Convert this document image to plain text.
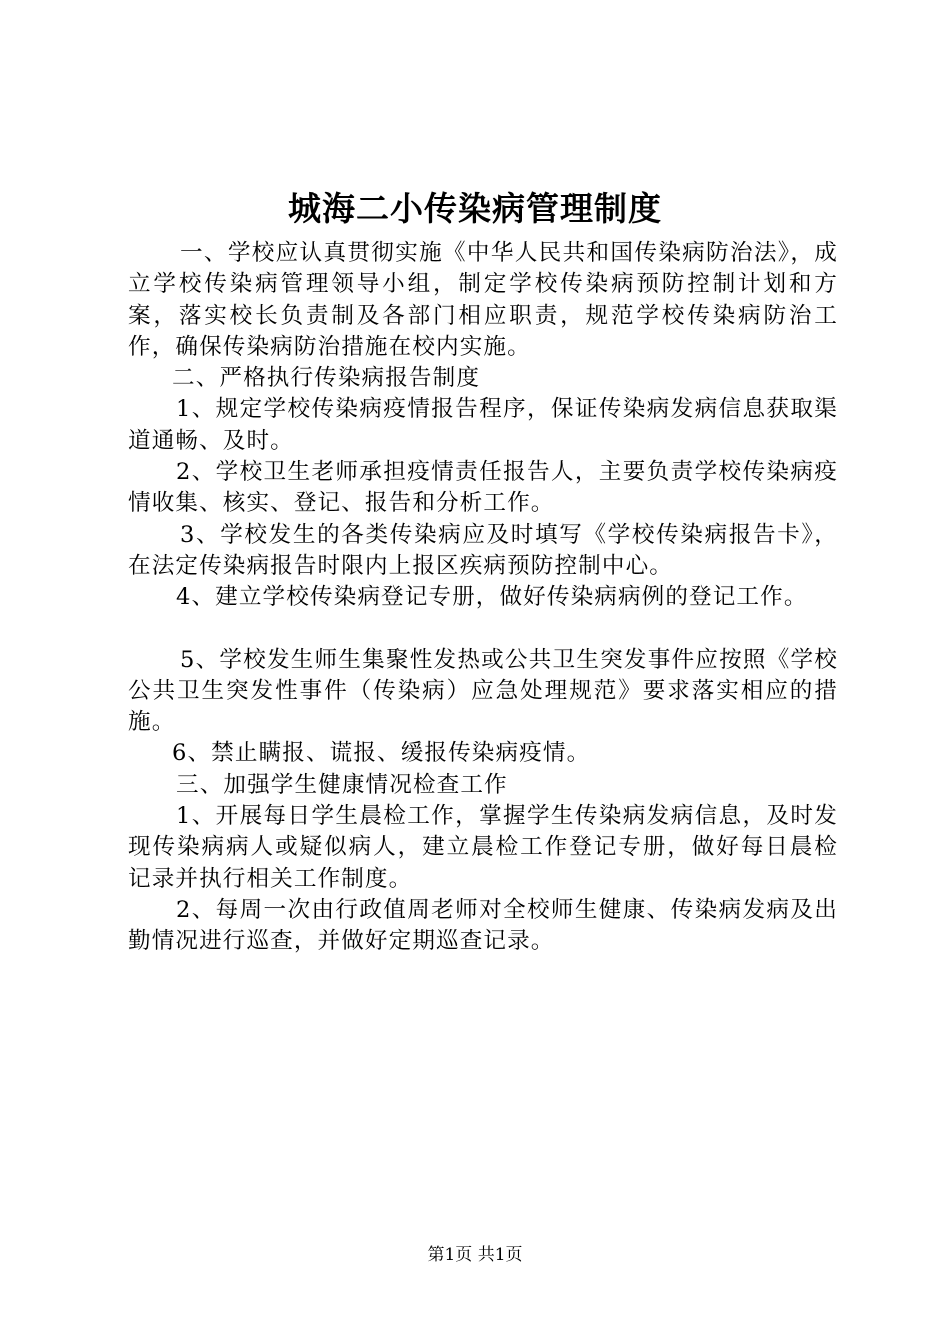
城海二小传染病管理制度

一、学校应认真贯彻实施《中华人民共和国传染病防治法》，成立学校传染病管理领导小组，制定学校传染病预防控制计划和方案，落实校长负责制及各部门相应职责，规范学校传染病防治工作，确保传染病防治措施在校内实施。

二、严格执行传染病报告制度

1、规定学校传染病疫情报告程序，保证传染病发病信息获取渠道通畅、及时。

2、学校卫生老师承担疫情责任报告人，主要负责学校传染病疫情收集、核实、登记、报告和分析工作。

3、学校发生的各类传染病应及时填写《学校传染病报告卡》，在法定传染病报告时限内上报区疾病预防控制中心。

4、建立学校传染病登记专册，做好传染病病例的登记工作。

5、学校发生师生集聚性发热或公共卫生突发事件应按照《学校公共卫生突发性事件（传染病）应急处理规范》要求落实相应的措施。

6、禁止瞒报、谎报、缓报传染病疫情。

三、加强学生健康情况检查工作

1、开展每日学生晨检工作，掌握学生传染病发病信息，及时发现传染病病人或疑似病人，建立晨检工作登记专册，做好每日晨检记录并执行相关工作制度。

2、每周一次由行政值周老师对全校师生健康、传染病发病及出勤情况进行巡查，并做好定期巡查记录。

第1页 共1页
